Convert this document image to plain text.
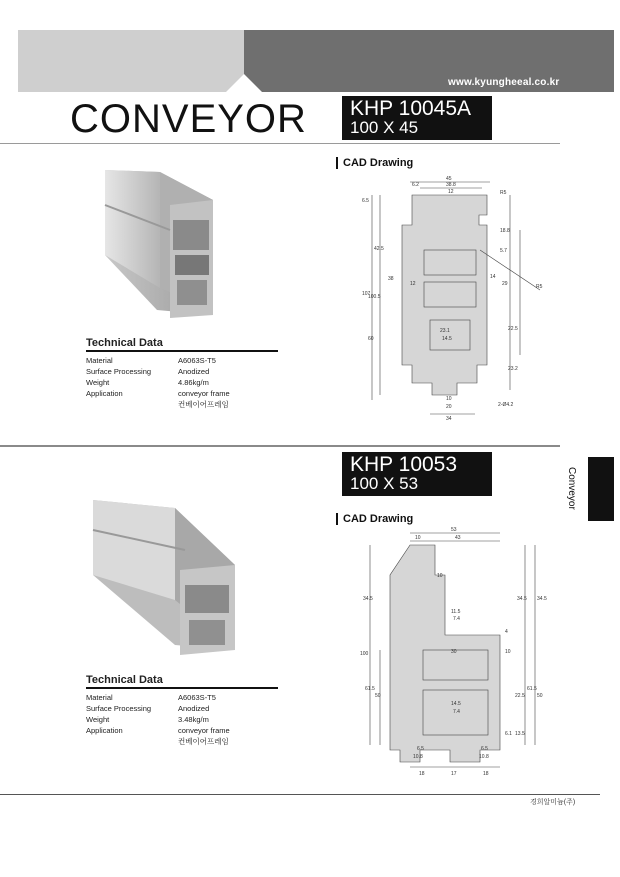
www.kyungheeal.co.kr
CONVEYOR KHP 10045A
100 X 45
CAD Drawing
45
38.8
12
6.2
R5
18.8
5.7
6.5
42.5
38
107
100.5
12
14
29
22.5
23.1
14.5
60
23.2
10
20
34
2-Ø4.2
R5
Technical Data
Material	A6063S-T5
Surface Processing	Anodized
Weight	4.86kg/m
Application	conveyor frame
컨베이어프레임
KHP 10053
100 X 53	Conveyor
CAD Drawing
53
10	43
10
34.5	34.5 34.5
11.5
7.4
4
100	30	10
61.5
50	22.5
61.5
50
14.5
7.4
6.1 13.5
6.5
10.8
6.5
10.8
18	17	18
Technical Data
Material	A6063S-T5
Surface Processing	Anodized
Weight	3.48kg/m
Application	conveyor frame
컨베이어프레임
경희알미늄(주)
